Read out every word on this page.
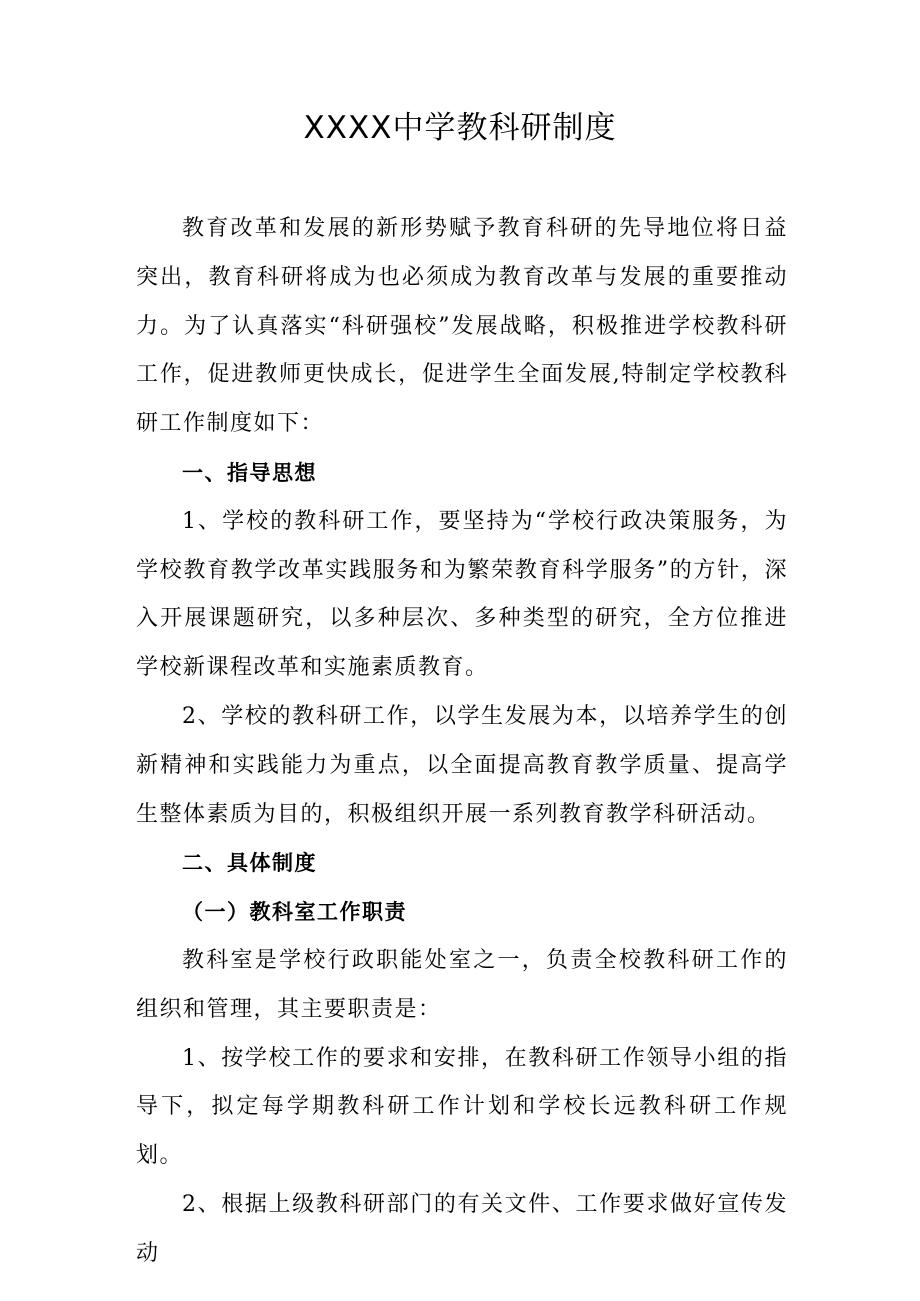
XXXX中学教科研制度

教育改革和发展的新形势赋予教育科研的先导地位将日益突出，教育科研将成为也必须成为教育改革与发展的重要推动力。为了认真落实“科研强校”发展战略，积极推进学校教科研工作，促进教师更快成长，促进学生全面发展,特制定学校教科研工作制度如下：

一、指导思想

1、学校的教科研工作，要坚持为“学校行政决策服务，为学校教育教学改革实践服务和为繁荣教育科学服务”的方针，深入开展课题研究，以多种层次、多种类型的研究，全方位推进学校新课程改革和实施素质教育。

2、学校的教科研工作，以学生发展为本，以培养学生的创新精神和实践能力为重点，以全面提高教育教学质量、提高学生整体素质为目的，积极组织开展一系列教育教学科研活动。

二、具体制度

（一）教科室工作职责

教科室是学校行政职能处室之一，负责全校教科研工作的组织和管理，其主要职责是：

1、按学校工作的要求和安排，在教科研工作领导小组的指导下，拟定每学期教科研工作计划和学校长远教科研工作规划。

2、根据上级教科研部门的有关文件、工作要求做好宣传发动
